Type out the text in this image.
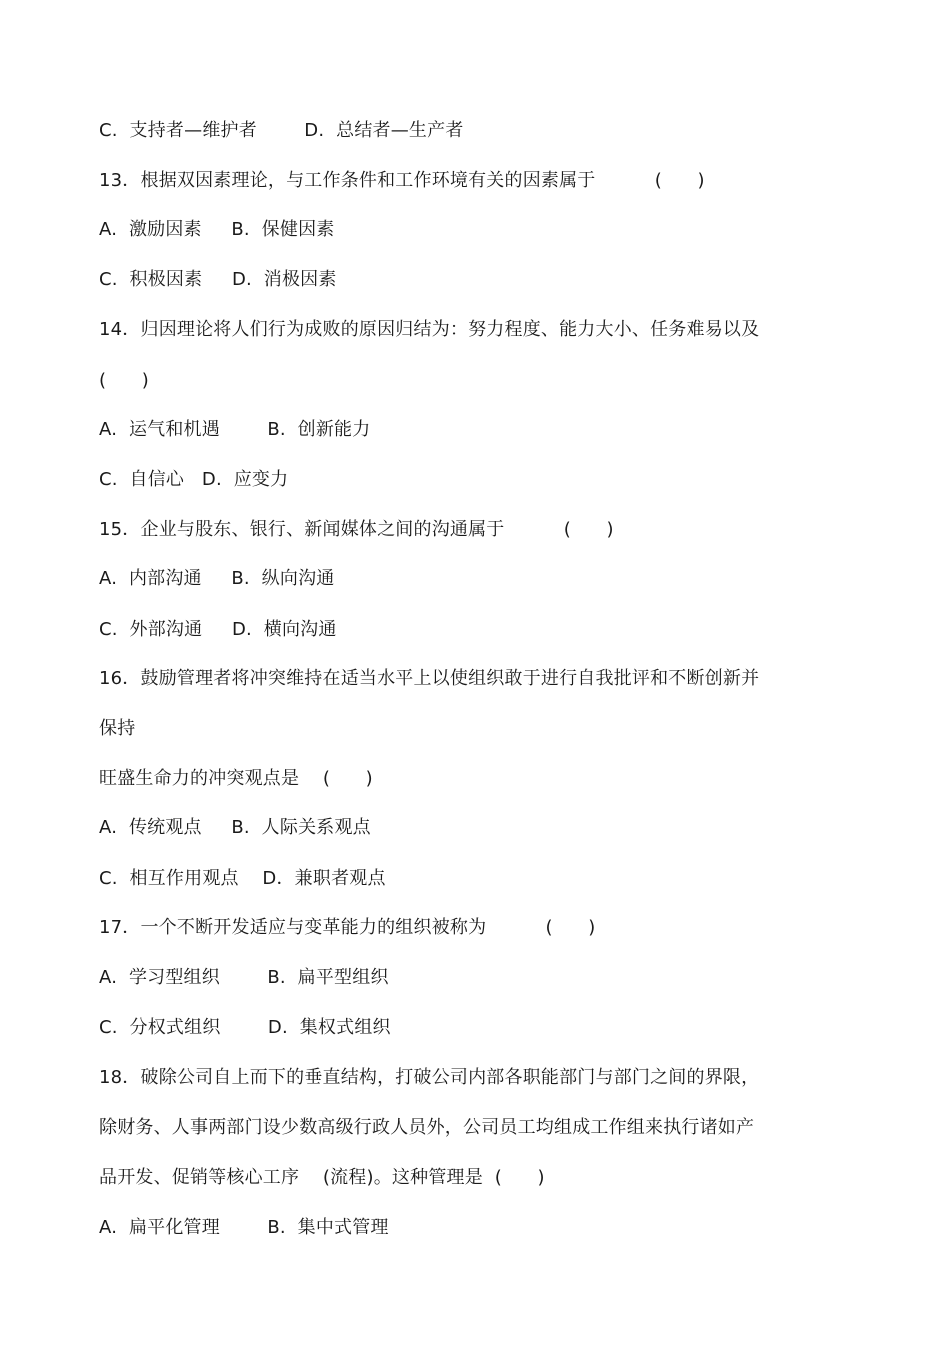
C.  支持者—维护者        D.  总结者—生产者
13．根据双因素理论，与工作条件和工作环境有关的因素属于          (      )
A.  激励因素     B.  保健因素
C.  积极因素     D.  消极因素
14．归因理论将人们行为成败的原因归结为：努力程度、能力大小、任务难易以及
(      )
A.  运气和机遇        B.  创新能力
C.  自信心   D.  应变力
15．企业与股东、银行、新闻媒体之间的沟通属于          (      )
A.  内部沟通     B.  纵向沟通
C.  外部沟通     D.  横向沟通
16．鼓励管理者将冲突维持在适当水平上以使组织敢于进行自我批评和不断创新并
保持
旺盛生命力的冲突观点是    (      )
A.  传统观点     B.  人际关系观点
C.  相互作用观点    D．兼职者观点
17．一个不断开发适应与变革能力的组织被称为          (      )
A.  学习型组织        B.  扁平型组织
C.  分权式组织        D.  集权式组织
18．破除公司自上而下的垂直结构，打破公司内部各职能部门与部门之间的界限，
除财务、人事两部门设少数高级行政人员外，公司员工均组成工作组来执行诸如产
品开发、促销等核心工序    (流程)。这种管理是  (      )
A.  扁平化管理        B.  集中式管理
